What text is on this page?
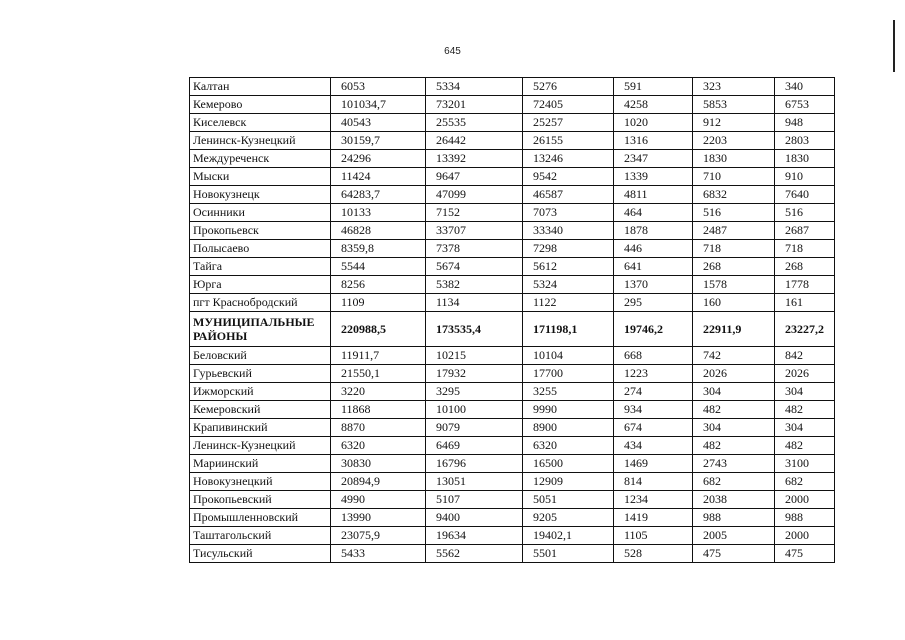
645
Калтан	6053	5334	5276	591	323	340
Кемерово	101034,7	73201	72405	4258	5853	6753
Киселевск	40543	25535	25257	1020	912	948
Ленинск-Кузнецкий	30159,7	26442	26155	1316	2203	2803
Междуреченск	24296	13392	13246	2347	1830	1830
Мыски	11424	9647	9542	1339	710	910
Новокузнецк	64283,7	47099	46587	4811	6832	7640
Осинники	10133	7152	7073	464	516	516
Прокопьевск	46828	33707	33340	1878	2487	2687
Полысаево	8359,8	7378	7298	446	718	718
Тайга	5544	5674	5612	641	268	268
Юрга	8256	5382	5324	1370	1578	1778
пгт Краснобродский	1109	1134	1122	295	160	161
МУНИЦИПАЛЬНЫЕ РАЙОНЫ	220988,5	173535,4	171198,1	19746,2	22911,9	23227,2
Беловский	11911,7	10215	10104	668	742	842
Гурьевский	21550,1	17932	17700	1223	2026	2026
Ижморский	3220	3295	3255	274	304	304
Кемеровский	11868	10100	9990	934	482	482
Крапивинский	8870	9079	8900	674	304	304
Ленинск-Кузнецкий	6320	6469	6320	434	482	482
Мариинский	30830	16796	16500	1469	2743	3100
Новокузнецкий	20894,9	13051	12909	814	682	682
Прокопьевский	4990	5107	5051	1234	2038	2000
Промышленновский	13990	9400	9205	1419	988	988
Таштагольский	23075,9	19634	19402,1	1105	2005	2000
Тисульский	5433	5562	5501	528	475	475
